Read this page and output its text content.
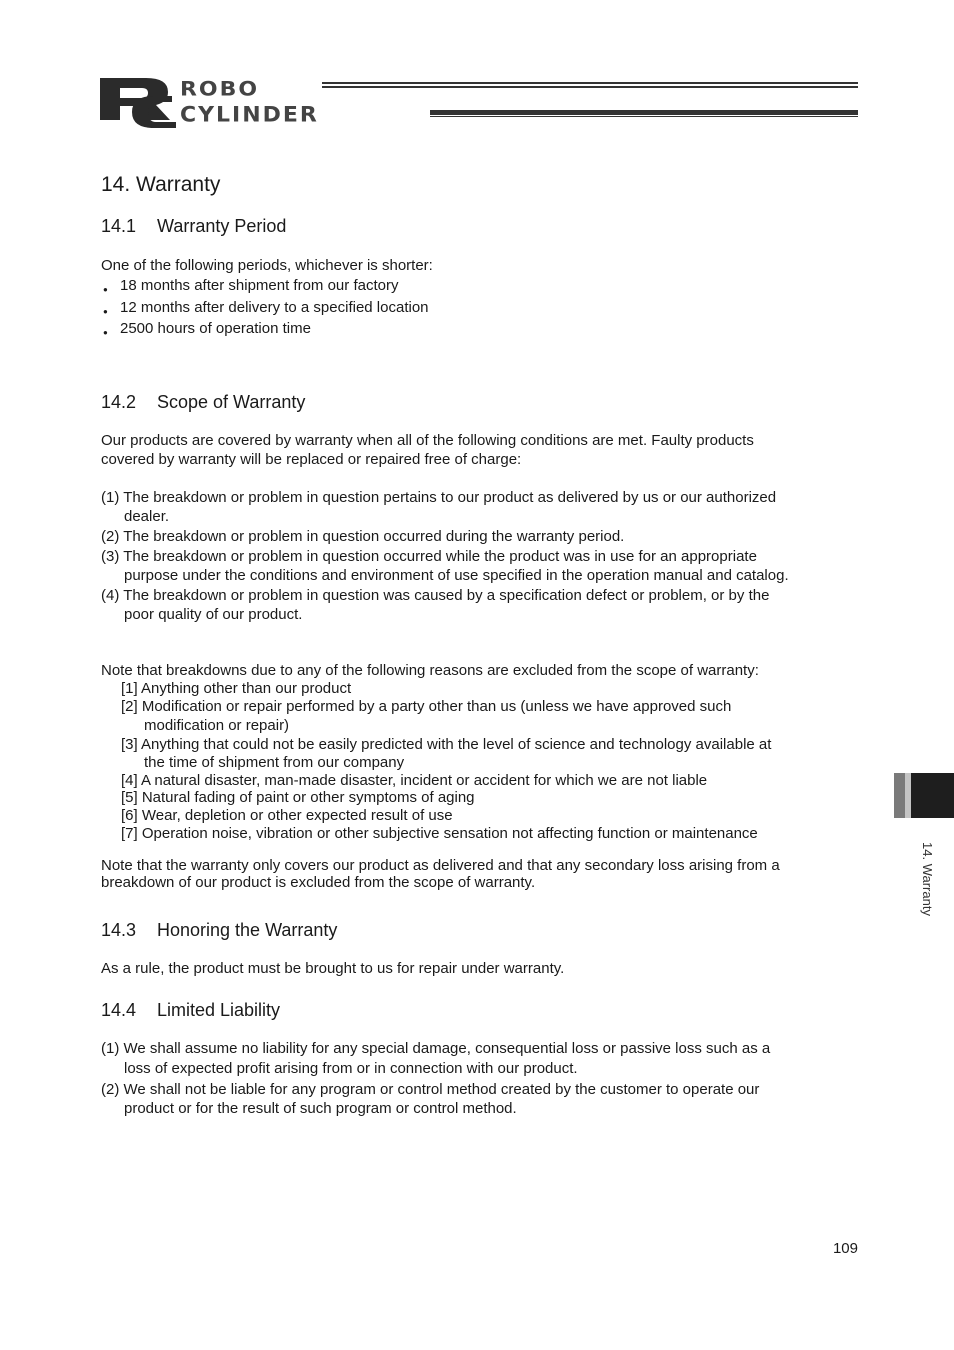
ROBO
CYLINDER
14. Warranty
14.1 Warranty Period
One of the following periods, whichever is shorter:
● 18 months after shipment from our factory
● 12 months after delivery to a specified location
● 2500 hours of operation time
14.2 Scope of Warranty
Our products are covered by warranty when all of the following conditions are met. Faulty products
covered by warranty will be replaced or repaired free of charge:
(1) The breakdown or problem in question pertains to our product as delivered by us or our authorized
dealer.
(2) The breakdown or problem in question occurred during the warranty period.
(3) The breakdown or problem in question occurred while the product was in use for an appropriate
purpose under the conditions and environment of use specified in the operation manual and catalog.
(4) The breakdown or problem in question was caused by a specification defect or problem, or by the
poor quality of our product.
Note that breakdowns due to any of the following reasons are excluded from the scope of warranty:
[1] Anything other than our product
[2] Modification or repair performed by a party other than us (unless we have approved such
modification or repair)
[3] Anything that could not be easily predicted with the level of science and technology available at
the time of shipment from our company
[4] A natural disaster, man-made disaster, incident or accident for which we are not liable
[5] Natural fading of paint or other symptoms of aging
[6] Wear, depletion or other expected result of use
[7] Operation noise, vibration or other subjective sensation not affecting function or maintenance
Note that the warranty only covers our product as delivered and that any secondary loss arising from a
breakdown of our product is excluded from the scope of warranty.
14.3 Honoring the Warranty
As a rule, the product must be brought to us for repair under warranty.
14.4 Limited Liability
(1) We shall assume no liability for any special damage, consequential loss or passive loss such as a
loss of expected profit arising from or in connection with our product.
(2) We shall not be liable for any program or control method created by the customer to operate our
product or for the result of such program or control method.
14. Warranty
109
